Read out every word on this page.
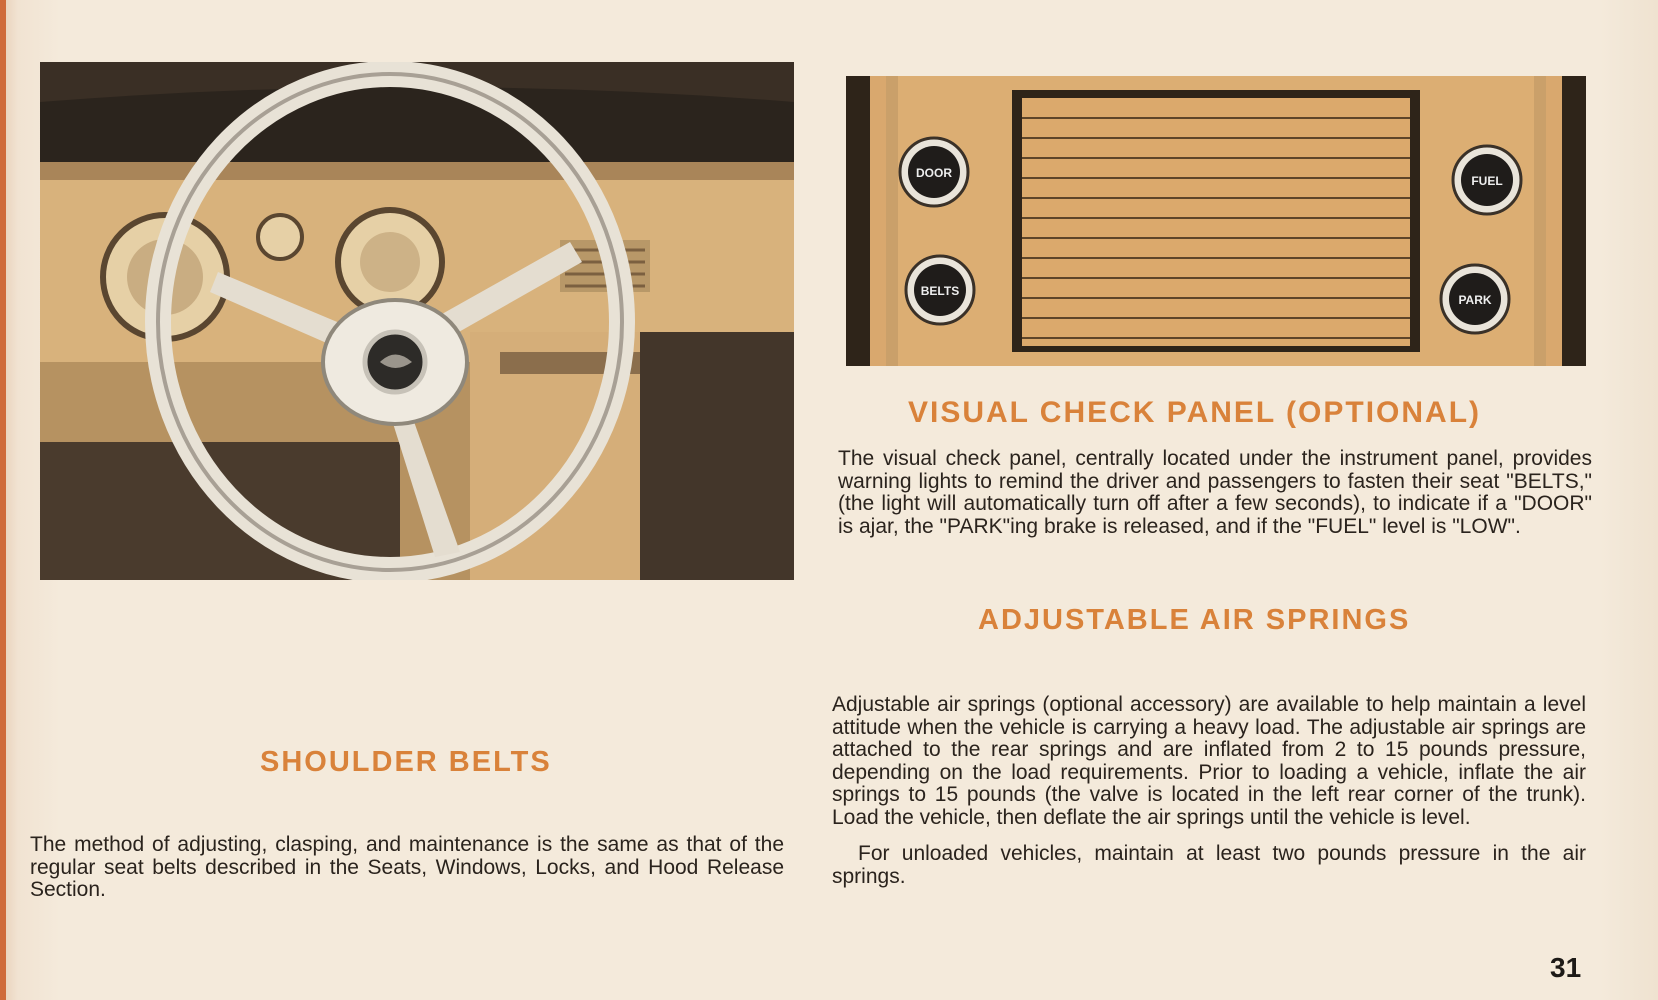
DOOR
BELTS
FUEL
PARK
VISUAL CHECK PANEL (OPTIONAL)

The visual check panel, centrally located under the instrument panel, provides warning lights to remind the driver and passengers to fasten their seat "BELTS," (the light will automatically turn off after a few seconds), to indicate if a "DOOR" is ajar, the "PARK"ing brake is released, and if the "FUEL" level is "LOW".

ADJUSTABLE AIR SPRINGS

Adjustable air springs (optional accessory) are available to help maintain a level attitude when the vehicle is carrying a heavy load. The adjustable air springs are attached to the rear springs and are inflated from 2 to 15 pounds pressure, depending on the load requirements. Prior to loading a vehicle, inflate the air springs to 15 pounds (the valve is located in the left rear corner of the trunk). Load the vehicle, then deflate the air springs until the vehicle is level.

For unloaded vehicles, maintain at least two pounds pressure in the air springs.

SHOULDER BELTS

The method of adjusting, clasping, and maintenance is the same as that of the regular seat belts described in the Seats, Windows, Locks, and Hood Release Section.

31
